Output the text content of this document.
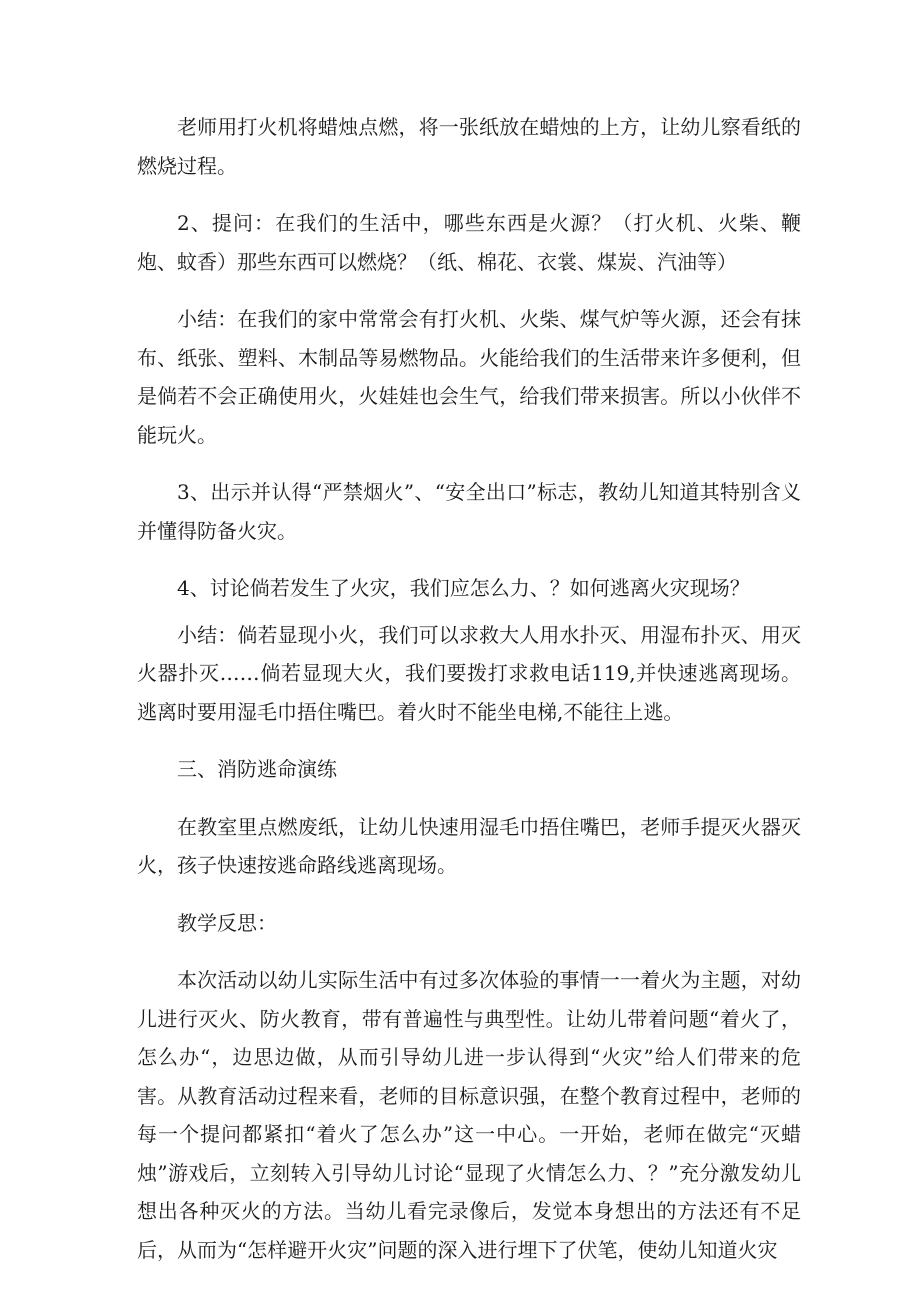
老师用打火机将蜡烛点燃，将一张纸放在蜡烛的上方，让幼儿察看纸的燃烧过程。

2、提问：在我们的生活中，哪些东西是火源？（打火机、火柴、鞭炮、蚊香）那些东西可以燃烧？（纸、棉花、衣裳、煤炭、汽油等）

小结：在我们的家中常常会有打火机、火柴、煤气炉等火源，还会有抹布、纸张、塑料、木制品等易燃物品。火能给我们的生活带来许多便利，但是倘若不会正确使用火，火娃娃也会生气，给我们带来损害。所以小伙伴不能玩火。

3、出示并认得“严禁烟火”、“安全出口”标志，教幼儿知道其特别含义并懂得防备火灾。

4、讨论倘若发生了火灾，我们应怎么力、？如何逃离火灾现场？

小结：倘若显现小火，我们可以求救大人用水扑灭、用湿布扑灭、用灭火器扑灭……倘若显现大火，我们要拨打求救电话119,并快速逃离现场。逃离时要用湿毛巾捂住嘴巴。着火时不能坐电梯,不能往上逃。

三、消防逃命演练

在教室里点燃废纸，让幼儿快速用湿毛巾捂住嘴巴，老师手提灭火器灭火，孩子快速按逃命路线逃离现场。

教学反思：

本次活动以幼儿实际生活中有过多次体验的事情一一着火为主题，对幼儿进行灭火、防火教育，带有普遍性与典型性。让幼儿带着问题“着火了，怎么办“，边思边做，从而引导幼儿进一步认得到“火灾”给人们带来的危害。从教育活动过程来看，老师的目标意识强，在整个教育过程中，老师的每一个提问都紧扣“着火了怎么办”这一中心。一开始，老师在做完“灭蜡烛”游戏后，立刻转入引导幼儿讨论“显现了火情怎么力、？”充分激发幼儿想出各种灭火的方法。当幼儿看完录像后，发觉本身想出的方法还有不足后，从而为“怎样避开火灾”问题的深入进行埋下了伏笔，使幼儿知道火灾
